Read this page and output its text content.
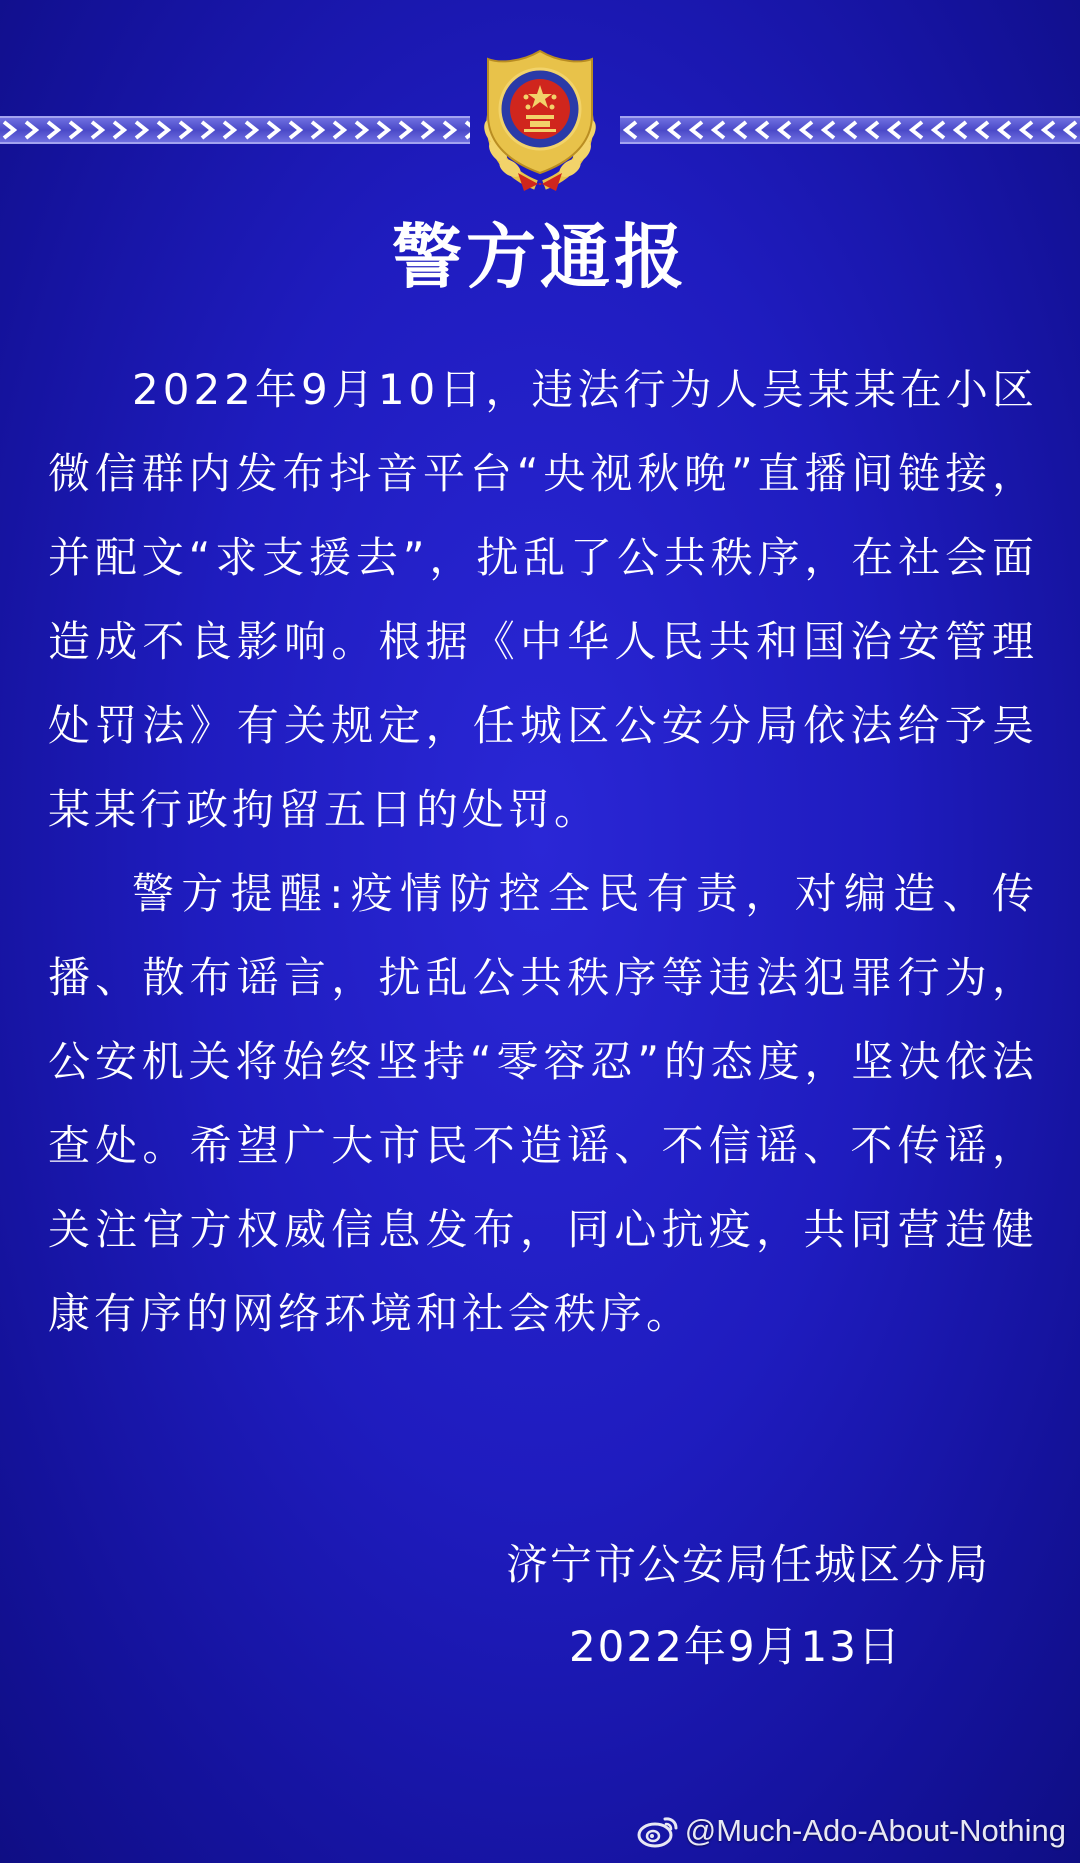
警方通报

2022年9月10日，违法行为人吴某某在小区微信群内发布抖音平台“央视秋晚”直播间链接，并配文“求支援去”，扰乱了公共秩序，在社会面造成不良影响。根据《中华人民共和国治安管理处罚法》有关规定，任城区公安分局依法给予吴某某行政拘留五日的处罚。

警方提醒:疫情防控全民有责，对编造、传播、散布谣言，扰乱公共秩序等违法犯罪行为，公安机关将始终坚持“零容忍”的态度，坚决依法查处。希望广大市民不造谣、不信谣、不传谣，关注官方权威信息发布，同心抗疫，共同营造健康有序的网络环境和社会秩序。

济宁市公安局任城区分局
2022年9月13日
@Much-Ado-About-Nothing
